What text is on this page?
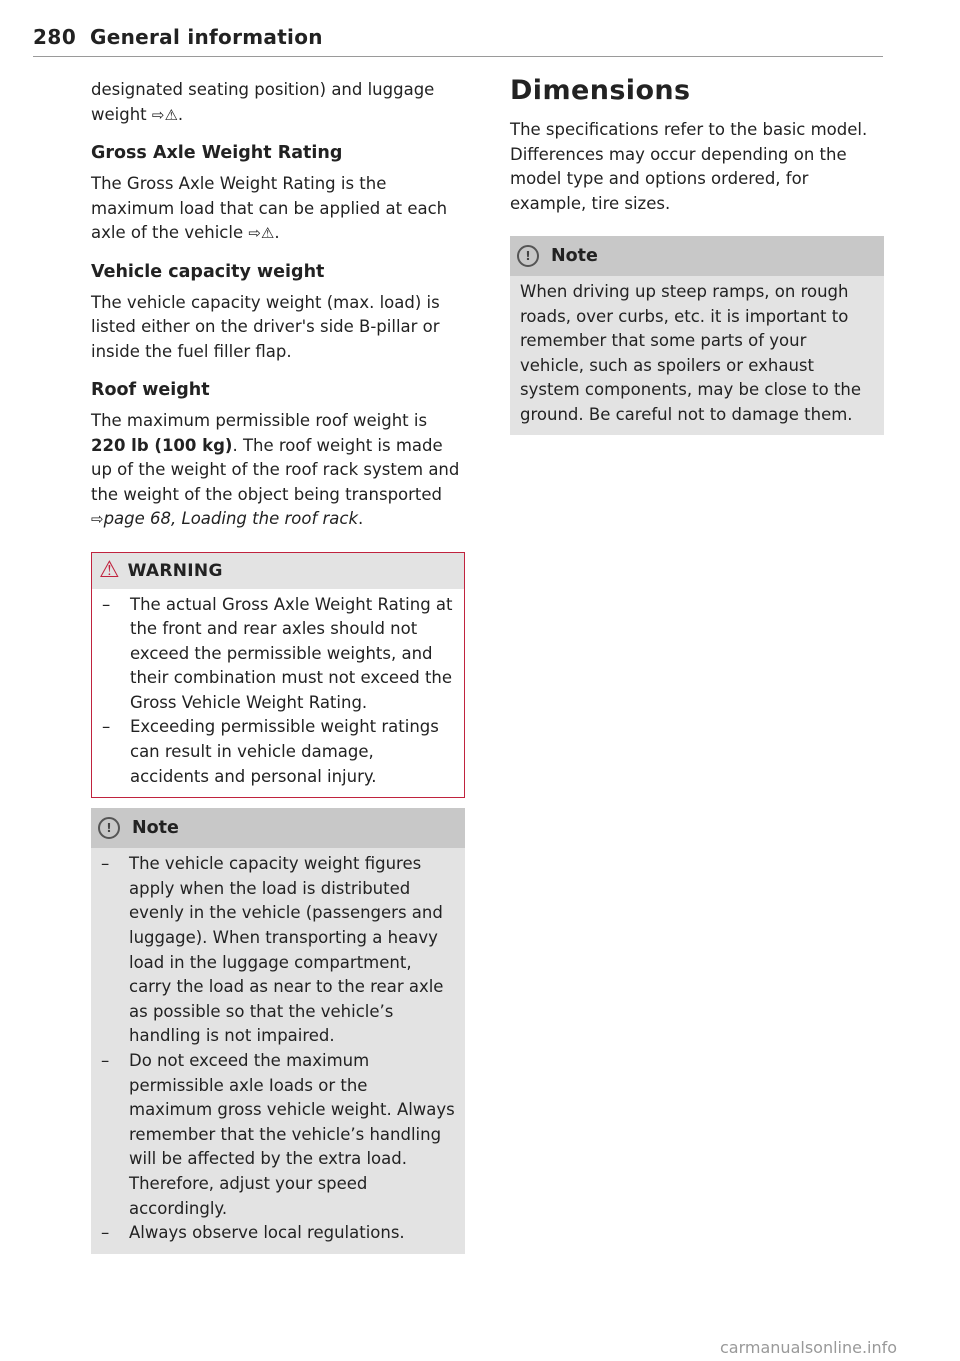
280 General information

designated seating position) and luggage weight ⇨⚠.

Gross Axle Weight Rating

The Gross Axle Weight Rating is the maximum load that can be applied at each axle of the vehicle ⇨⚠.

Vehicle capacity weight

The vehicle capacity weight (max. load) is listed either on the driver's side B-pillar or inside the fuel filler flap.

Roof weight

The maximum permissible roof weight is 220 lb (100 kg). The roof weight is made up of the weight of the roof rack system and the weight of the object being transported ⇨page 68, Loading the roof rack.

⚠ WARNING
– The actual Gross Axle Weight Rating at the front and rear axles should not exceed the permissible weights, and their combination must not exceed the Gross Vehicle Weight Rating.
– Exceeding permissible weight ratings can result in vehicle damage, accidents and personal injury.
!	Note
– The vehicle capacity weight figures apply when the load is distributed evenly in the vehicle (passengers and luggage). When transporting a heavy load in the luggage compartment, carry the load as near to the rear axle as possible so that the vehicle’s handling is not impaired.
– Do not exceed the maximum permissible axle Ioads or the maximum gross vehicle weight. Always remember that the vehicle’s handling will be affected by the extra load. Therefore, adjust your speed accordingly.
– Always observe local regulations.
Dimensions

The specifications refer to the basic model. Differences may occur depending on the model type and options ordered, for example, tire sizes.

!	Note

When driving up steep ramps, on rough roads, over curbs, etc. it is important to remember that some parts of your vehicle, such as spoilers or exhaust system components, may be close to the ground. Be careful not to damage them.

carmanualsonline.info
